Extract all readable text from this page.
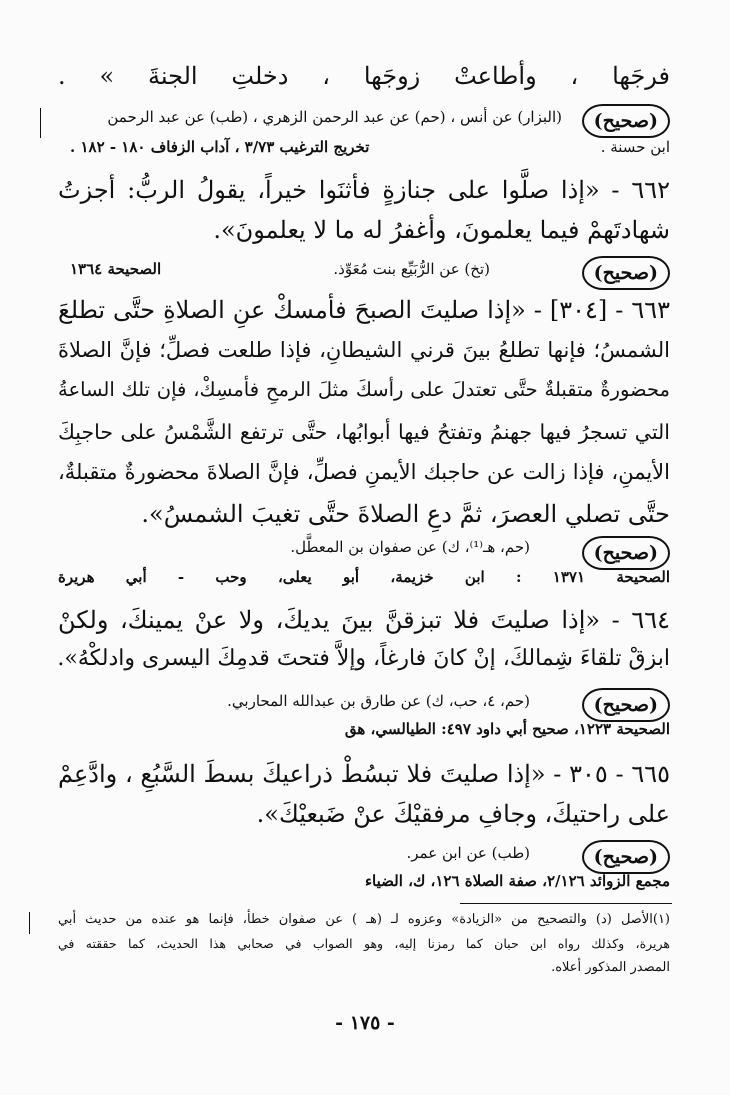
فرجَها ، وأطاعتْ زوجَها ، دخلتِ الجنةَ » .
(صحيح)
(البزار) عن أنس ، (حم) عن عبد الرحمن الزهري ، (طب) عن عبد الرحمن
ابن حسنة .
تخريج الترغيب ٣/٧٣ ، آداب الزفاف ١٨٠ - ١٨٢ .
٦٦٢ - «إذا صلَّوا على جنازةٍ فأثنَوا خيراً، يقولُ الربُّ: أجزتُ
شهادتَهمْ فيما يعلمونَ، وأغفرُ له ما لا يعلمونَ».
(صحيح)
(تخ) عن الرُّبَيِّع بنت مُعَوِّذ.
الصحيحة ١٣٦٤
٦٦٣ - [٣٠٤] - «إذا صليتَ الصبحَ فأمسكْ عنِ الصلاةِ حتَّى تطلعَ
الشمسُ؛ فإنها تطلعُ بينَ قرني الشيطانِ، فإذا طلعت فصلِّ؛ فإنَّ الصلاةَ
محضورةٌ متقبلةٌ حتَّى تعتدلَ على رأسكَ مثلَ الرمحِ فأمسِكْ، فإن تلك الساعةُ
التي تسجرُ فيها جهنمُ وتفتحُ فيها أبوابُها، حتَّى ترتفع الشَّمْسُ على حاجبِكَ
الأيمنِ، فإذا زالت عن حاجبك الأيمنِ فصلِّ، فإنَّ الصلاةَ محضورةٌ متقبلةٌ،
حتَّى تصلي العصرَ، ثمَّ دعِ الصلاةَ حتَّى تغيبَ الشمسُ».
(صحيح)
(حم، هـ⁽¹⁾، ك) عن صفوان بن المعطَّل.
الصحيحة ١٣٧١ : ابن خزيمة، أبو يعلى، وحب - أبي هريرة
٦٦٤ - «إذا صليتَ فلا تبزقنَّ بينَ يديكَ، ولا عنْ يمينكَ، ولكنْ
ابزقْ تلقاءَ شِمالكَ، إنْ كانَ فارغاً، وإلاَّ فتحتَ قدمِكَ اليسرى وادلكْهُ».
(صحيح)
(حم، ٤، حب، ك) عن طارق بن عبدالله المحاربي.
الصحيحة ١٢٢٣، صحيح أبي داود ٤٩٧: الطيالسي، هق
٦٦٥ - ٣٠٥ - «إذا صليتَ فلا تبسُطْ ذراعيكَ بسطَ السَّبُعِ ، وادَّعِمْ
على راحتيكَ، وجافِ مرفقيْكَ عنْ ضَبعيْكَ».
(صحيح)
(طب) عن ابن عمر.
مجمع الزوائد ٢/١٢٦، صفة الصلاة ١٢٦، ك، الضياء
(١)الأصل (د) والتصحيح من «الزيادة» وعزوه لـ (هـ ) عن صفوان خطأ، فإنما هو عنده من حديث أبي
هريرة، وكذلك رواه ابن حبان كما رمزنا إليه، وهو الصواب في صحابي هذا الحديث، كما حققته في
المصدر المذكور أعلاه.
- ١٧٥ -
